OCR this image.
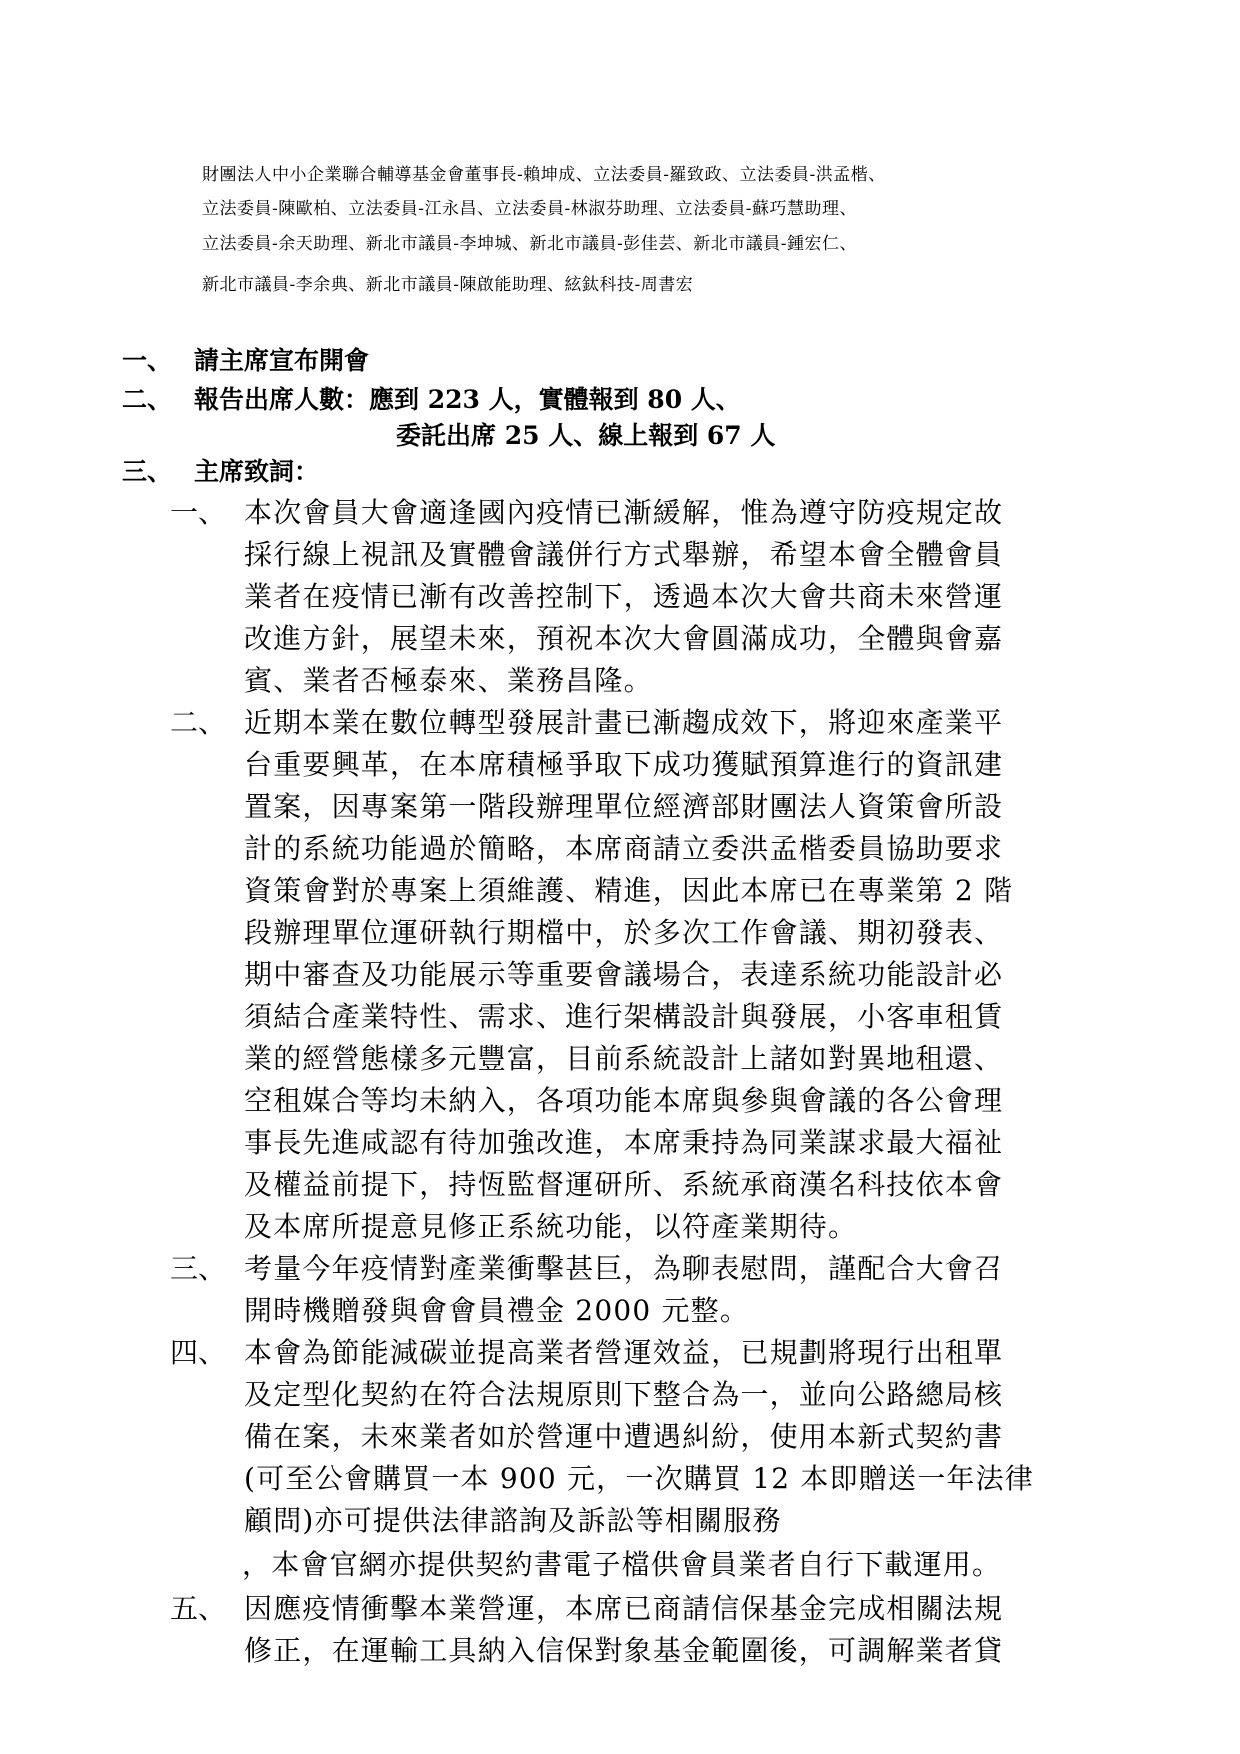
財團法人中小企業聯合輔導基金會董事長-賴坤成、立法委員-羅致政、立法委員-洪孟楷、
立法委員-陳歐柏、立法委員-江永昌、立法委員-林淑芬助理、立法委員-蘇巧慧助理、
立法委員-余天助理、新北市議員-李坤城、新北市議員-彭佳芸、新北市議員-鍾宏仁、
新北市議員-李余典、新北市議員-陳啟能助理、絃鈦科技-周書宏
一、 請主席宣布開會
二、 報告出席人數：應到 223 人，實體報到 80 人、
委託出席 25 人、線上報到 67 人
三、 主席致詞：
一、 本次會員大會適逢國內疫情已漸緩解，惟為遵守防疫規定故
採行線上視訊及實體會議併行方式舉辦，希望本會全體會員
業者在疫情已漸有改善控制下，透過本次大會共商未來營運
改進方針，展望未來，預祝本次大會圓滿成功，全體與會嘉
賓、業者否極泰來、業務昌隆。
二、 近期本業在數位轉型發展計畫已漸趨成效下，將迎來產業平
台重要興革，在本席積極爭取下成功獲賦預算進行的資訊建
置案，因專案第一階段辦理單位經濟部財團法人資策會所設
計的系統功能過於簡略，本席商請立委洪孟楷委員協助要求
資策會對於專案上須維護、精進，因此本席已在專業第 2 階
段辦理單位運研執行期檔中，於多次工作會議、期初發表、
期中審查及功能展示等重要會議場合，表達系統功能設計必
須結合產業特性、需求、進行架構設計與發展，小客車租賃
業的經營態樣多元豐富，目前系統設計上諸如對異地租還、
空租媒合等均未納入，各項功能本席與參與會議的各公會理
事長先進咸認有待加強改進，本席秉持為同業謀求最大福祉
及權益前提下，持恆監督運研所、系統承商漢名科技依本會
及本席所提意見修正系統功能，以符產業期待。
三、 考量今年疫情對產業衝擊甚巨，為聊表慰問，謹配合大會召
開時機贈發與會會員禮金 2000 元整。
四、 本會為節能減碳並提高業者營運效益，已規劃將現行出租單
及定型化契約在符合法規原則下整合為一，並向公路總局核
備在案，未來業者如於營運中遭遇糾紛，使用本新式契約書
(可至公會購買一本 900 元，一次購買 12 本即贈送一年法律
顧問)亦可提供法律諮詢及訴訟等相關服務
，本會官網亦提供契約書電子檔供會員業者自行下載運用。
五、 因應疫情衝擊本業營運，本席已商請信保基金完成相關法規
修正，在運輸工具納入信保對象基金範圍後，可調解業者貸
